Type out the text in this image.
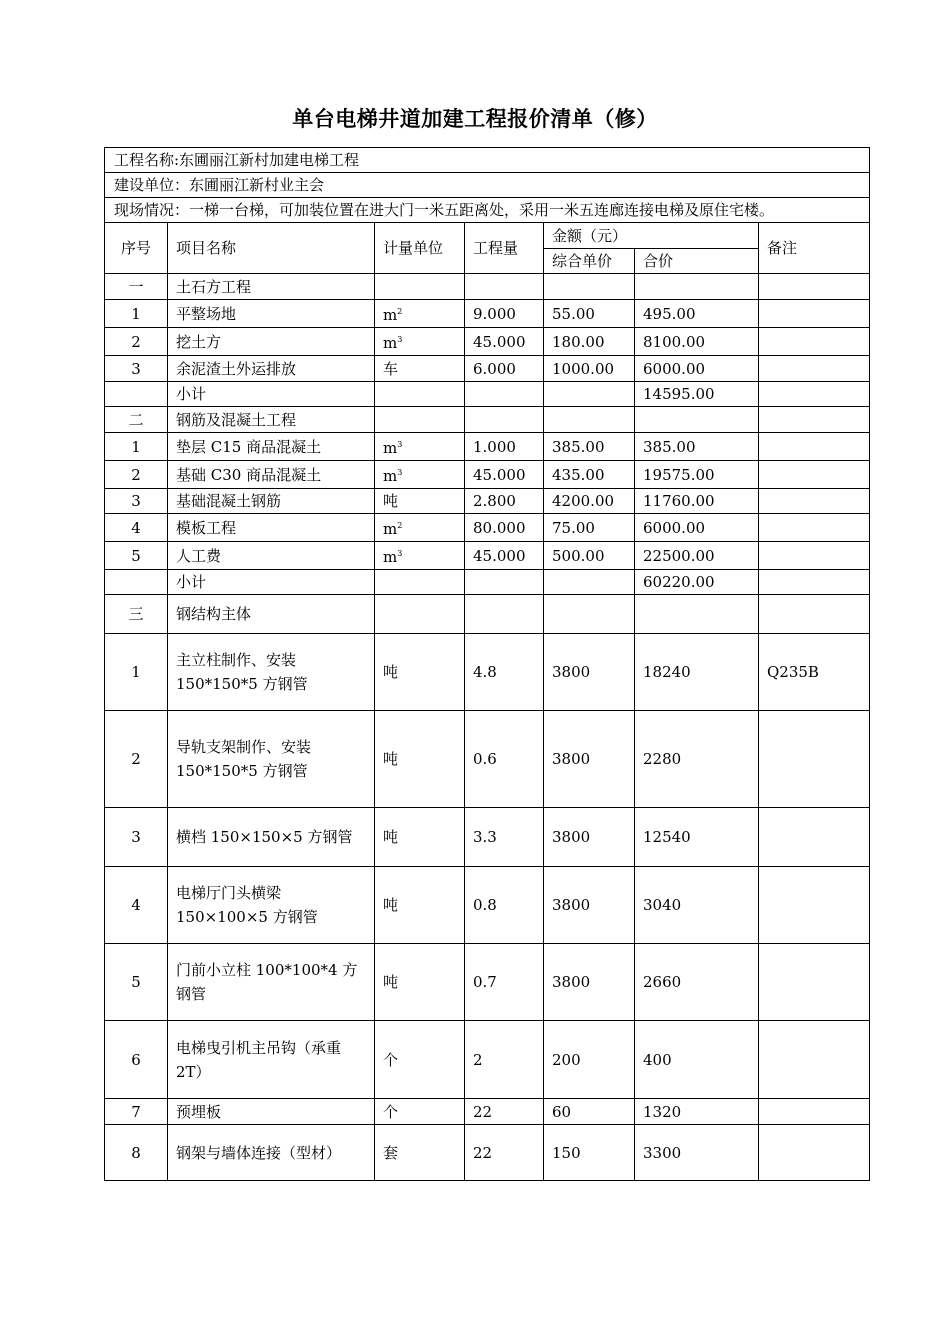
单台电梯井道加建工程报价清单（修）
工程名称:东圃丽江新村加建电梯工程						
建设单位：东圃丽江新村业主会						
现场情况：一梯一台梯，可加装位置在进大门一米五距离处，采用一米五连廊连接电梯及原住宅楼。						
序号	项目名称	计量单位	工程量	金额（元）		备注
				综合单价	合价	
一	土石方工程					
1	平整场地	$m^2$	9.000	55.00	495.00	
2	挖土方	$m^3$	45.000	180.00	8100.00	
3	余泥渣土外运排放	车	6.000	1000.00	6000.00	
	小计				14595.00	
二	钢筋及混凝土工程					
1	垫层 C15 商品混凝土	$m^3$	1.000	385.00	385.00	
2	基础 C30 商品混凝土	$m^3$	45.000	435.00	19575.00	
3	基础混凝土钢筋	吨	2.800	4200.00	11760.00	
4	模板工程	$m^2$	80.000	75.00	6000.00	
5	人工费	$m^3$	45.000	500.00	22500.00	
	小计				60220.00	
三	钢结构主体					
1	主立柱制作、安装150*150*5 方钢管	吨	4.8	3800	18240	Q235B
2	导轨支架制作、安装150*150*5 方钢管	吨	0.6	3800	2280	
3	横档 150×150×5 方钢管	吨	3.3	3800	12540	
4	电梯厅门头横梁 150×100×5 方钢管	吨	0.8	3800	3040	
5	门前小立柱 100*100*4 方钢管	吨	0.7	3800	2660	
6	电梯曳引机主吊钩（承重 2T）	个	2	200	400	
7	预埋板	个	22	60	1320	
8	钢架与墙体连接（型材）	套	22	150	3300	
